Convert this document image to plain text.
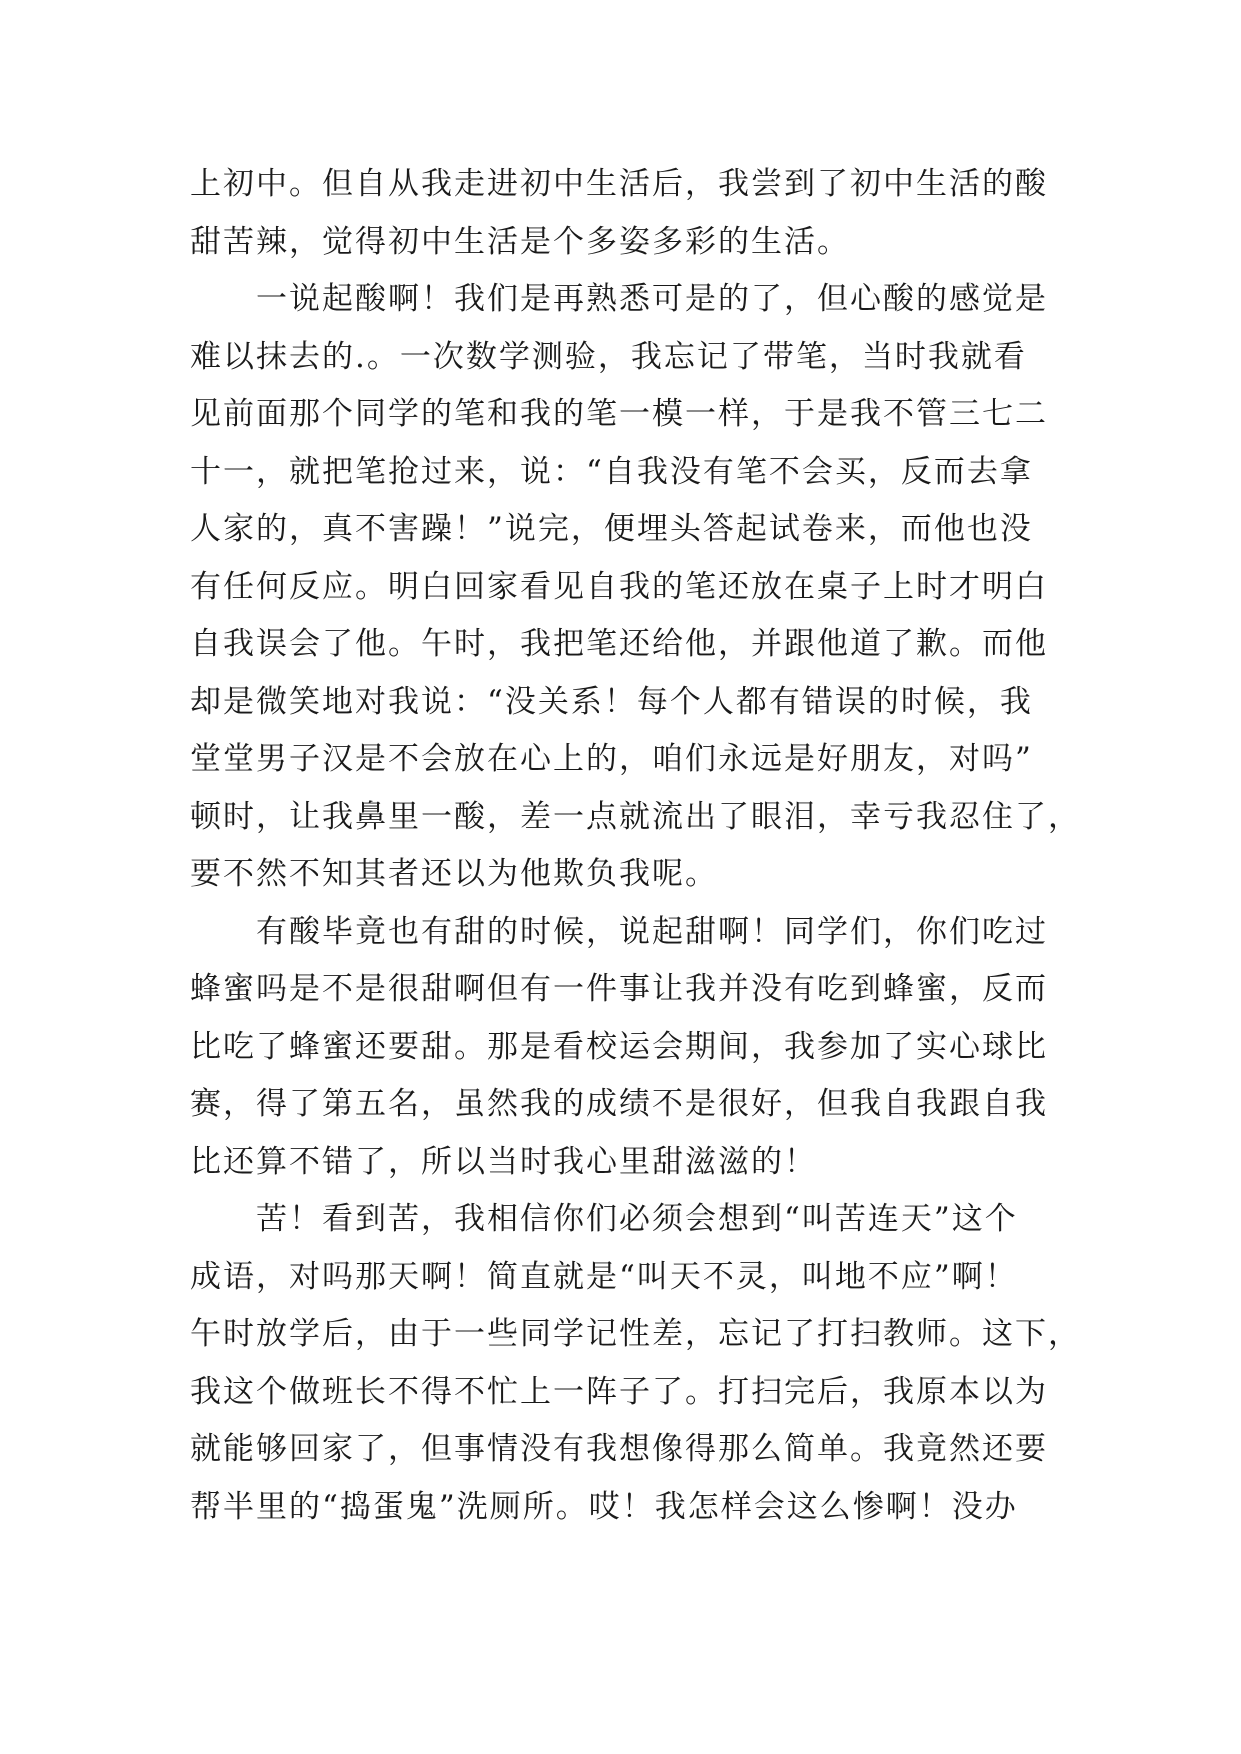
上初中。但自从我走进初中生活后，我尝到了初中生活的酸
甜苦辣，觉得初中生活是个多姿多彩的生活。
一说起酸啊！我们是再熟悉可是的了，但心酸的感觉是
难以抹去的.。一次数学测验，我忘记了带笔，当时我就看
见前面那个同学的笔和我的笔一模一样，于是我不管三七二
十一，就把笔抢过来，说：“自我没有笔不会买，反而去拿
人家的，真不害躁！”说完，便埋头答起试卷来，而他也没
有任何反应。明白回家看见自我的笔还放在桌子上时才明白
自我误会了他。午时，我把笔还给他，并跟他道了歉。而他
却是微笑地对我说：“没关系！每个人都有错误的时候，我
堂堂男子汉是不会放在心上的，咱们永远是好朋友，对吗”
顿时，让我鼻里一酸，差一点就流出了眼泪，幸亏我忍住了，
要不然不知其者还以为他欺负我呢。
有酸毕竟也有甜的时候，说起甜啊！同学们，你们吃过
蜂蜜吗是不是很甜啊但有一件事让我并没有吃到蜂蜜，反而
比吃了蜂蜜还要甜。那是看校运会期间，我参加了实心球比
赛，得了第五名，虽然我的成绩不是很好，但我自我跟自我
比还算不错了，所以当时我心里甜滋滋的！
苦！看到苦，我相信你们必须会想到“叫苦连天”这个
成语，对吗那天啊！简直就是“叫天不灵，叫地不应”啊！
午时放学后，由于一些同学记性差，忘记了打扫教师。这下，
我这个做班长不得不忙上一阵子了。打扫完后，我原本以为
就能够回家了，但事情没有我想像得那么简单。我竟然还要
帮半里的“捣蛋鬼”洗厕所。哎！我怎样会这么惨啊！没办
